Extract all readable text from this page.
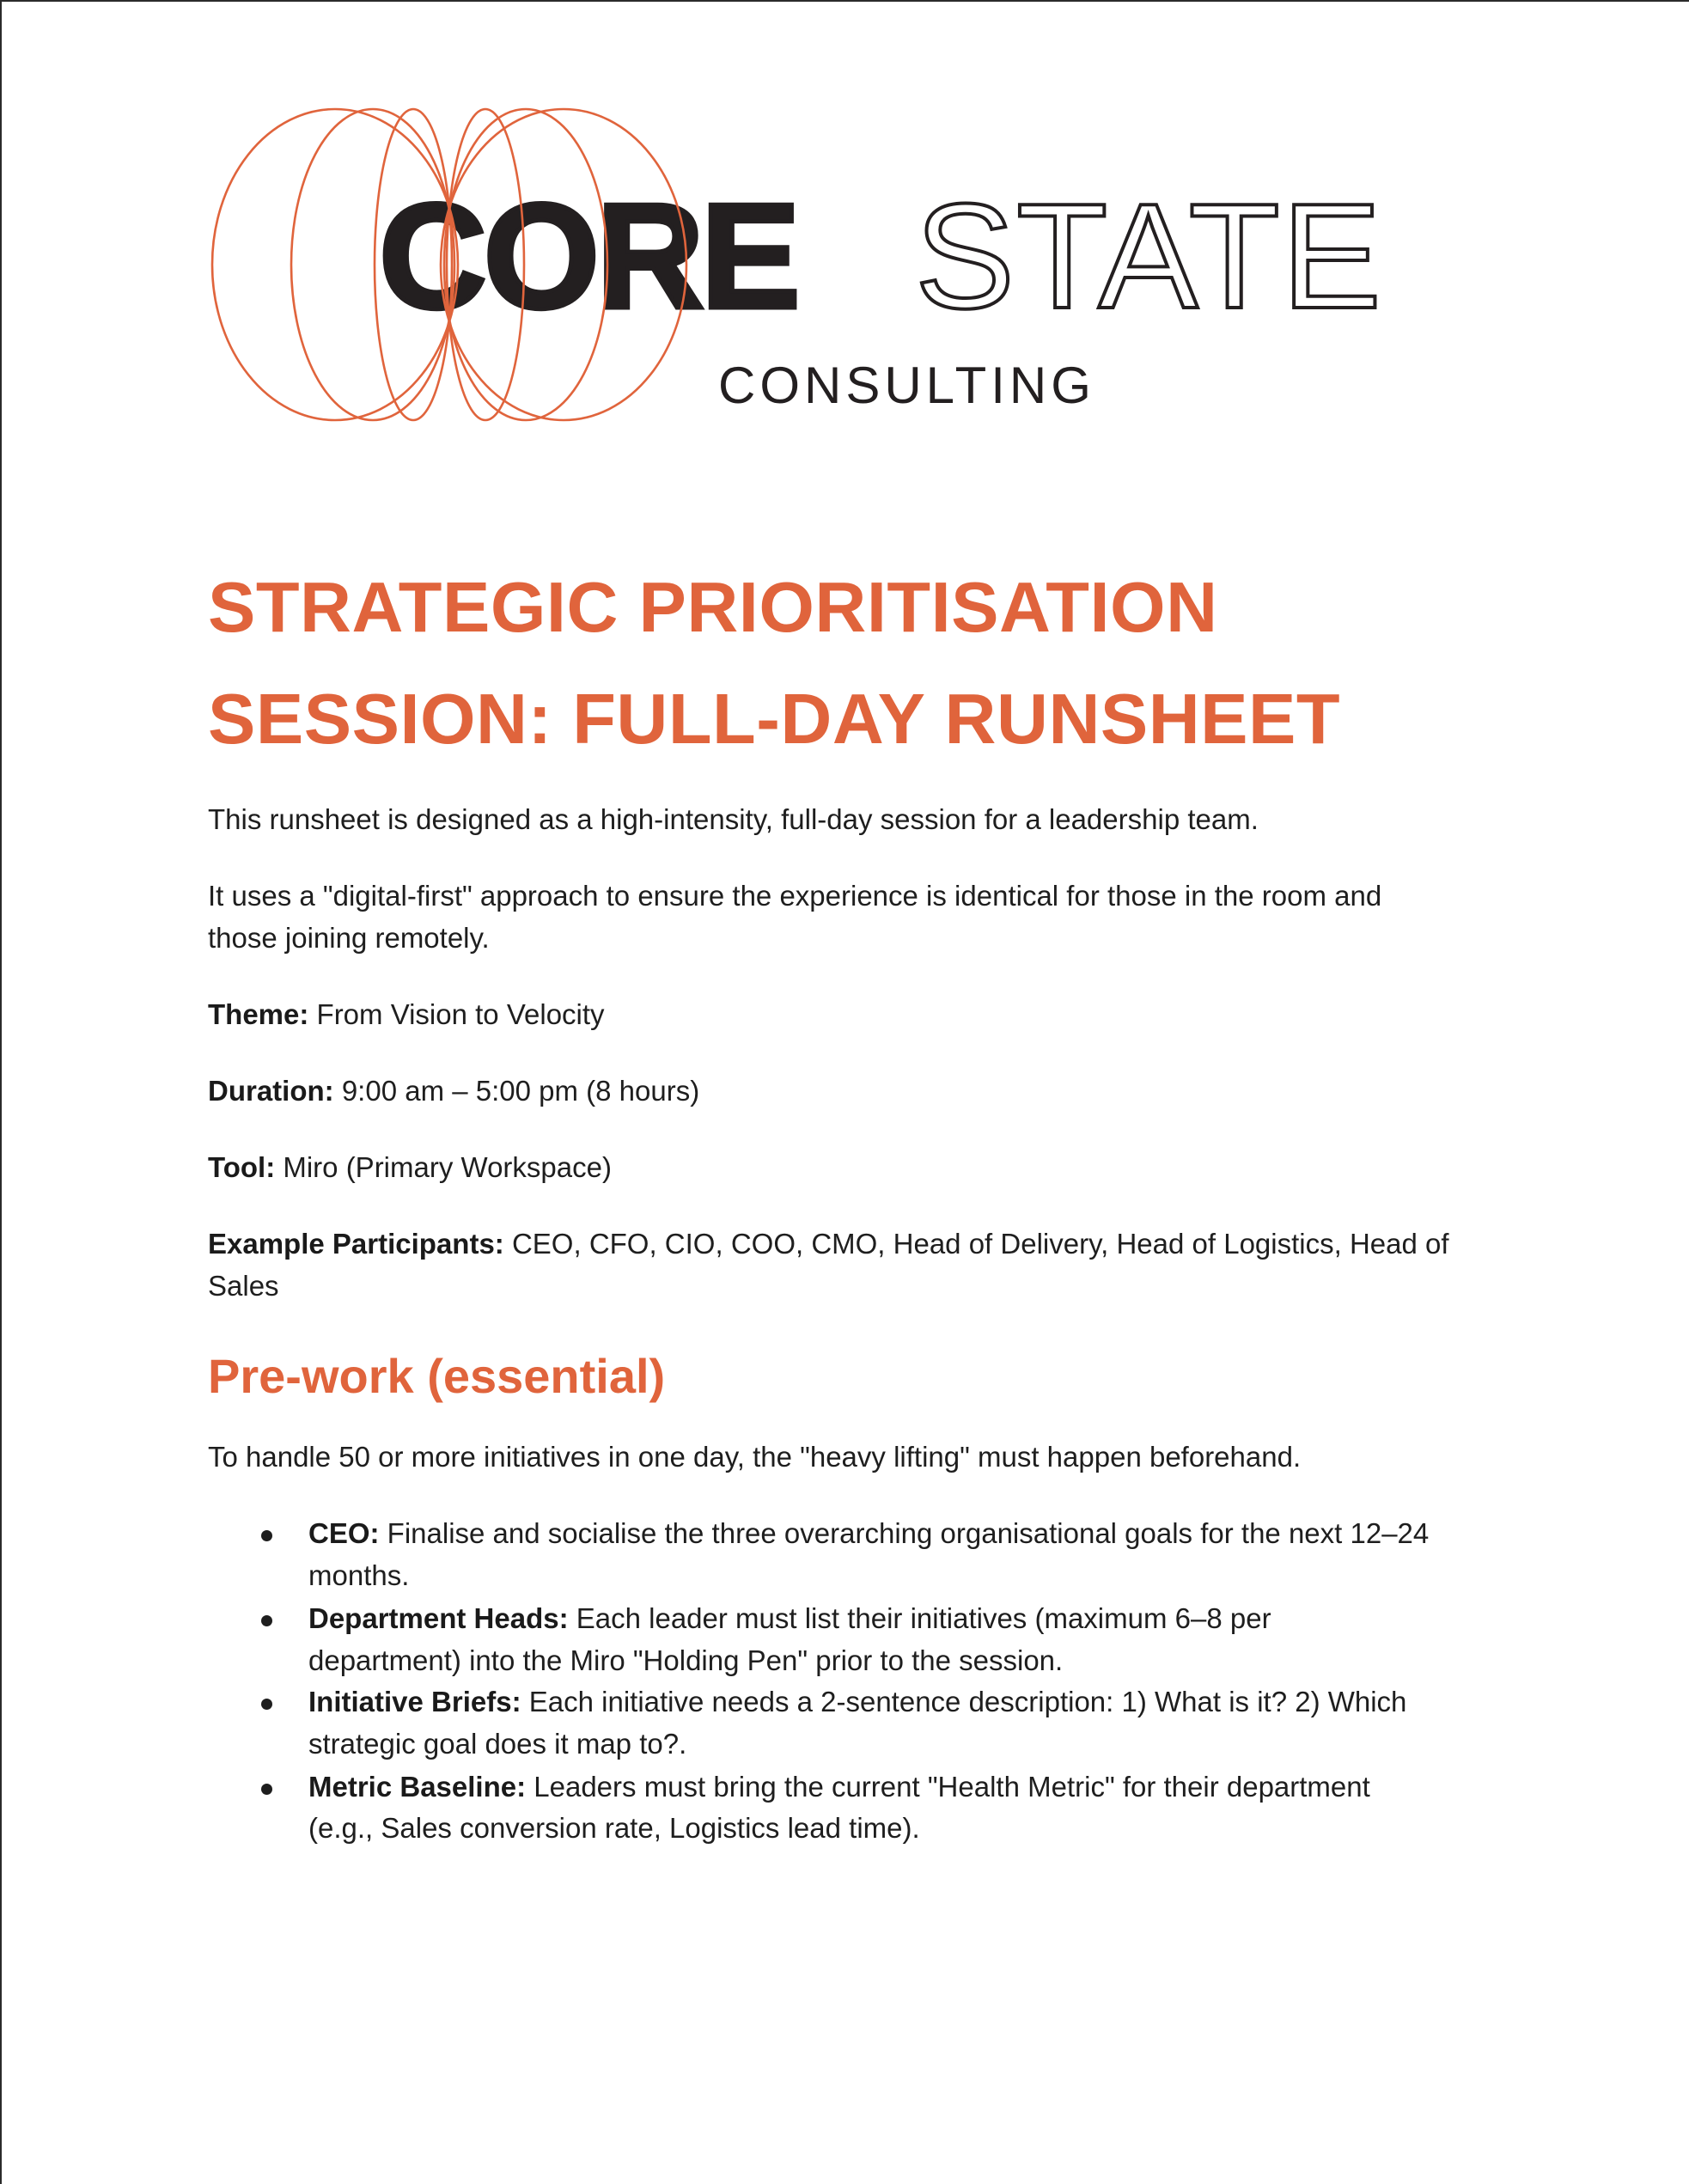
CORE STATE
CONSULTING
STRATEGIC PRIORITISATION
SESSION: FULL-DAY RUNSHEET
This runsheet is designed as a high-intensity, full-day session for a leadership team.
It uses a "digital-first" approach to ensure the experience is identical for those in the room and
those joining remotely.
Theme: From Vision to Velocity
Duration: 9:00 am – 5:00 pm (8 hours)
Tool: Miro (Primary Workspace)
Example Participants: CEO, CFO, CIO, COO, CMO, Head of Delivery, Head of Logistics, Head of
Sales
Pre-work (essential)
To handle 50 or more initiatives in one day, the "heavy lifting" must happen beforehand.
CEO: Finalise and socialise the three overarching organisational goals for the next 12–24
months.
Department Heads: Each leader must list their initiatives (maximum 6–8 per
department) into the Miro "Holding Pen" prior to the session.
Initiative Briefs: Each initiative needs a 2-sentence description: 1) What is it? 2) Which
strategic goal does it map to?.
Metric Baseline: Leaders must bring the current "Health Metric" for their department
(e.g., Sales conversion rate, Logistics lead time).
